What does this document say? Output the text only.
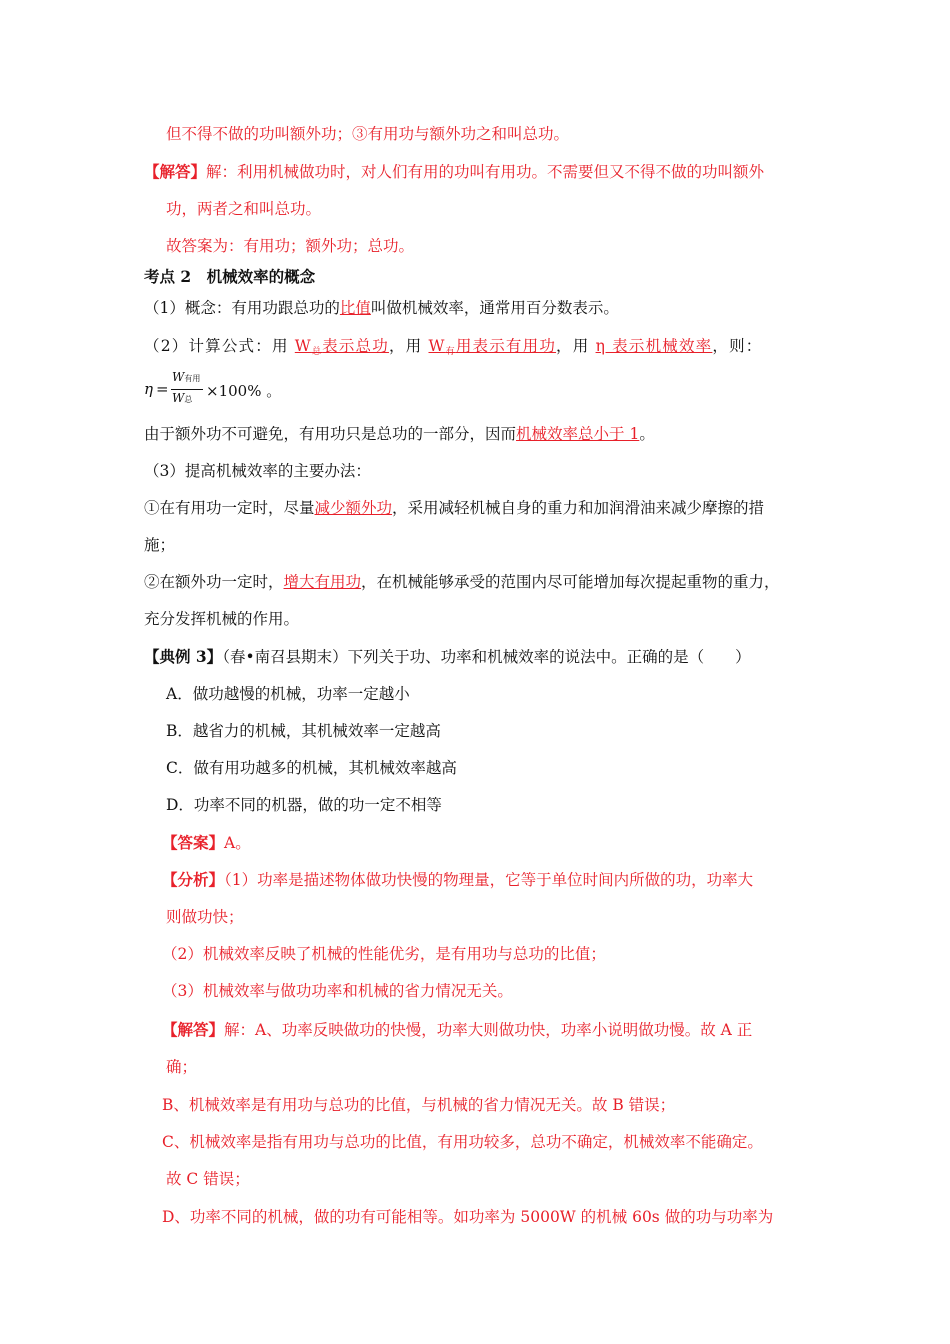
但不得不做的功叫额外功；③有用功与额外功之和叫总功。
【解答】解：利用机械做功时，对人们有用的功叫有用功。不需要但又不得不做的功叫额外
功，两者之和叫总功。
故答案为：有用功；额外功；总功。
考点 2　机械效率的概念
（1）概念：有用功跟总功的比值叫做机械效率，通常用百分数表示。
（2）计算公式：用 $W_总$表示总功，用 $W_有$用表示有用功，用 η 表示机械效率，则：
η =
W有用
W总 ×100% 。
由于额外功不可避免，有用功只是总功的一部分，因而机械效率总小于 1。
（3）提高机械效率的主要办法：
①在有用功一定时，尽量减少额外功，采用减轻机械自身的重力和加润滑油来减少摩擦的措
施；
②在额外功一定时，增大有用功，在机械能够承受的范围内尽可能增加每次提起重物的重力，
充分发挥机械的作用。
【典例 3】（春•南召县期末）下列关于功、功率和机械效率的说法中。正确的是（　　）
A．做功越慢的机械，功率一定越小
B．越省力的机械，其机械效率一定越高
C．做有用功越多的机械，其机械效率越高
D．功率不同的机器，做的功一定不相等
【答案】A。
【分析】（1）功率是描述物体做功快慢的物理量，它等于单位时间内所做的功，功率大
则做功快；
（2）机械效率反映了机械的性能优劣，是有用功与总功的比值；
（3）机械效率与做功功率和机械的省力情况无关。
【解答】解：A、功率反映做功的快慢，功率大则做功快，功率小说明做功慢。故 A 正
确；
B、机械效率是有用功与总功的比值，与机械的省力情况无关。故 B 错误；
C、机械效率是指有用功与总功的比值，有用功较多，总功不确定，机械效率不能确定。
故 C 错误；
D、功率不同的机械，做的功有可能相等。如功率为 5000W 的机械 60s 做的功与功率为
